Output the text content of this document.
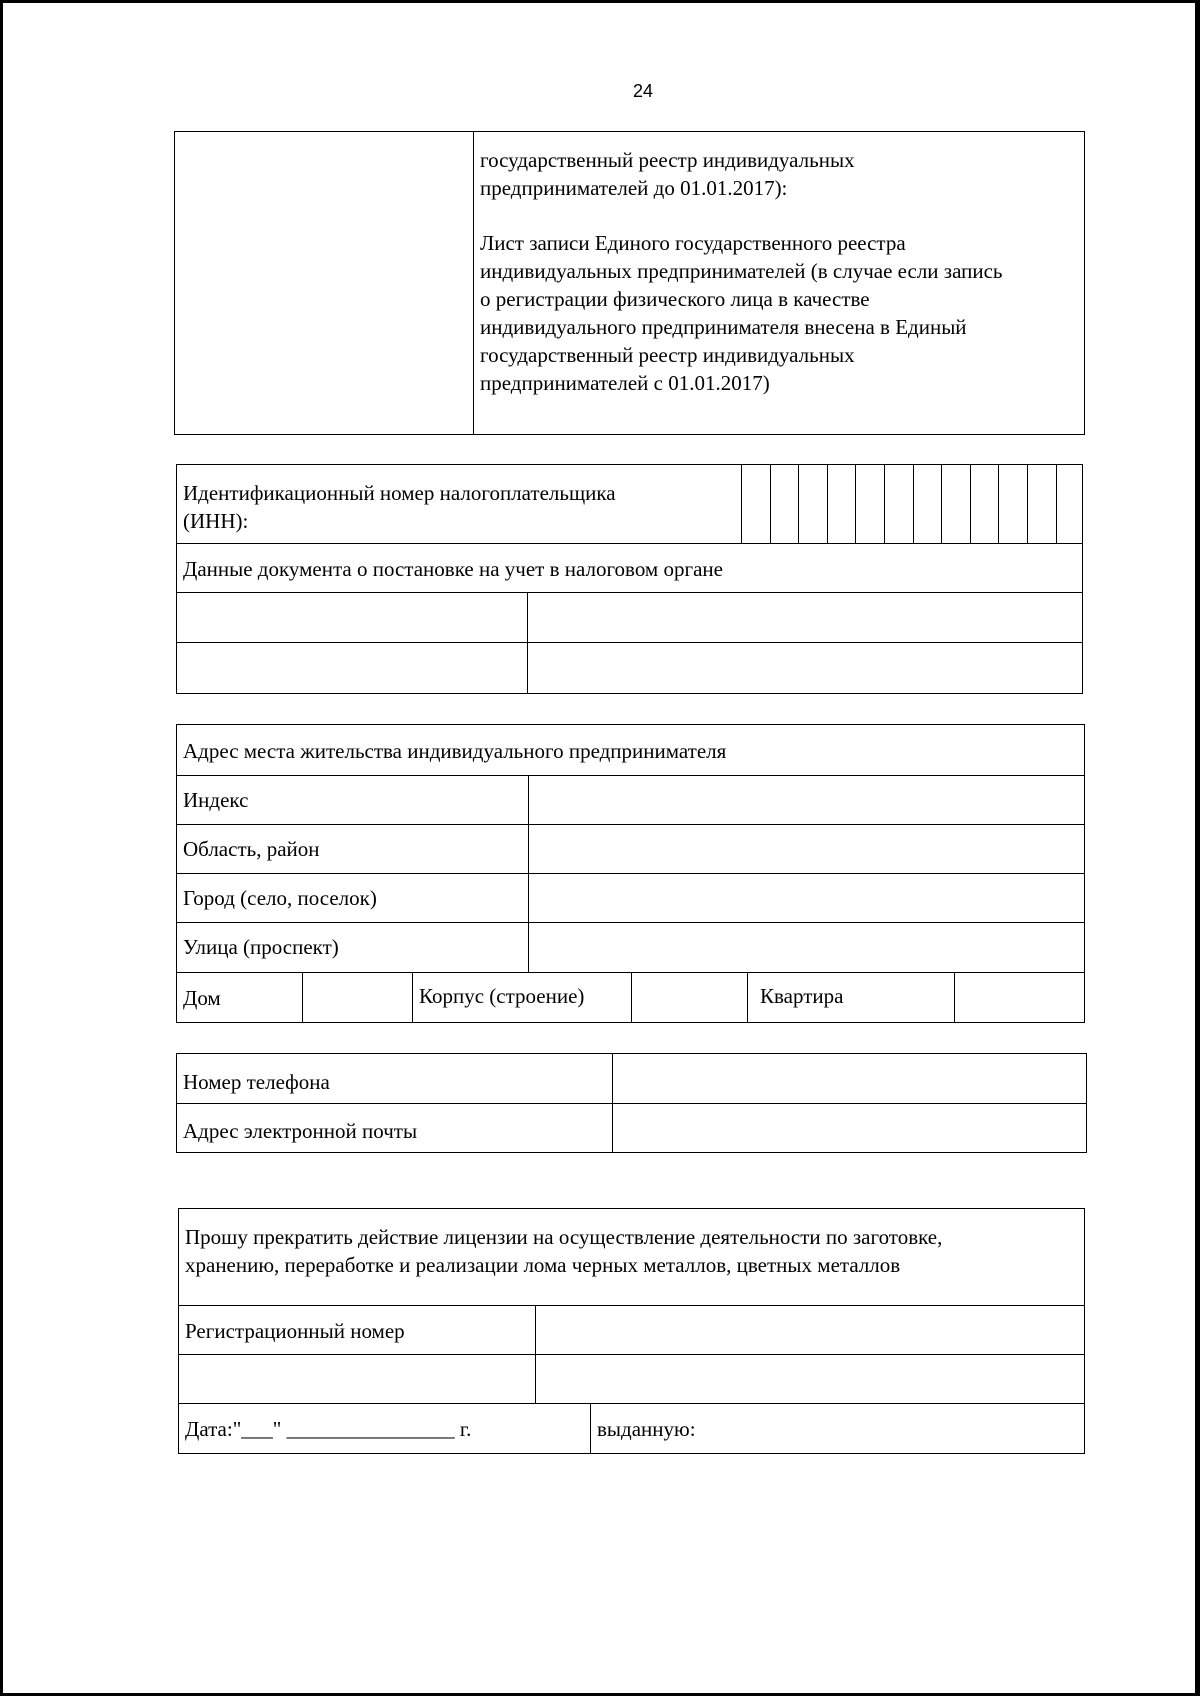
24
государственный реестр индивидуальных
предпринимателей до 01.01.2017):
Лист записи Единого государственного реестра
индивидуальных предпринимателей (в случае если запись
о регистрации физического лица в качестве
индивидуального предпринимателя внесена в Единый
государственный реестр индивидуальных
предпринимателей с 01.01.2017)
Идентификационный номер налогоплательщика
(ИНН):
Данные документа о постановке на учет в налоговом органе
Адрес места жительства индивидуального предпринимателя
Индекс
Область, район
Город (село, поселок)
Улица (проспект)
Дом	Корпус (строение)	Квартира
Номер телефона
Адрес электронной почты
Прошу прекратить действие лицензии на осуществление деятельности по заготовке,
хранению, переработке и реализации лома черных металлов, цветных металлов
Регистрационный номер
Дата:"___" ________________ г.	выданную:
